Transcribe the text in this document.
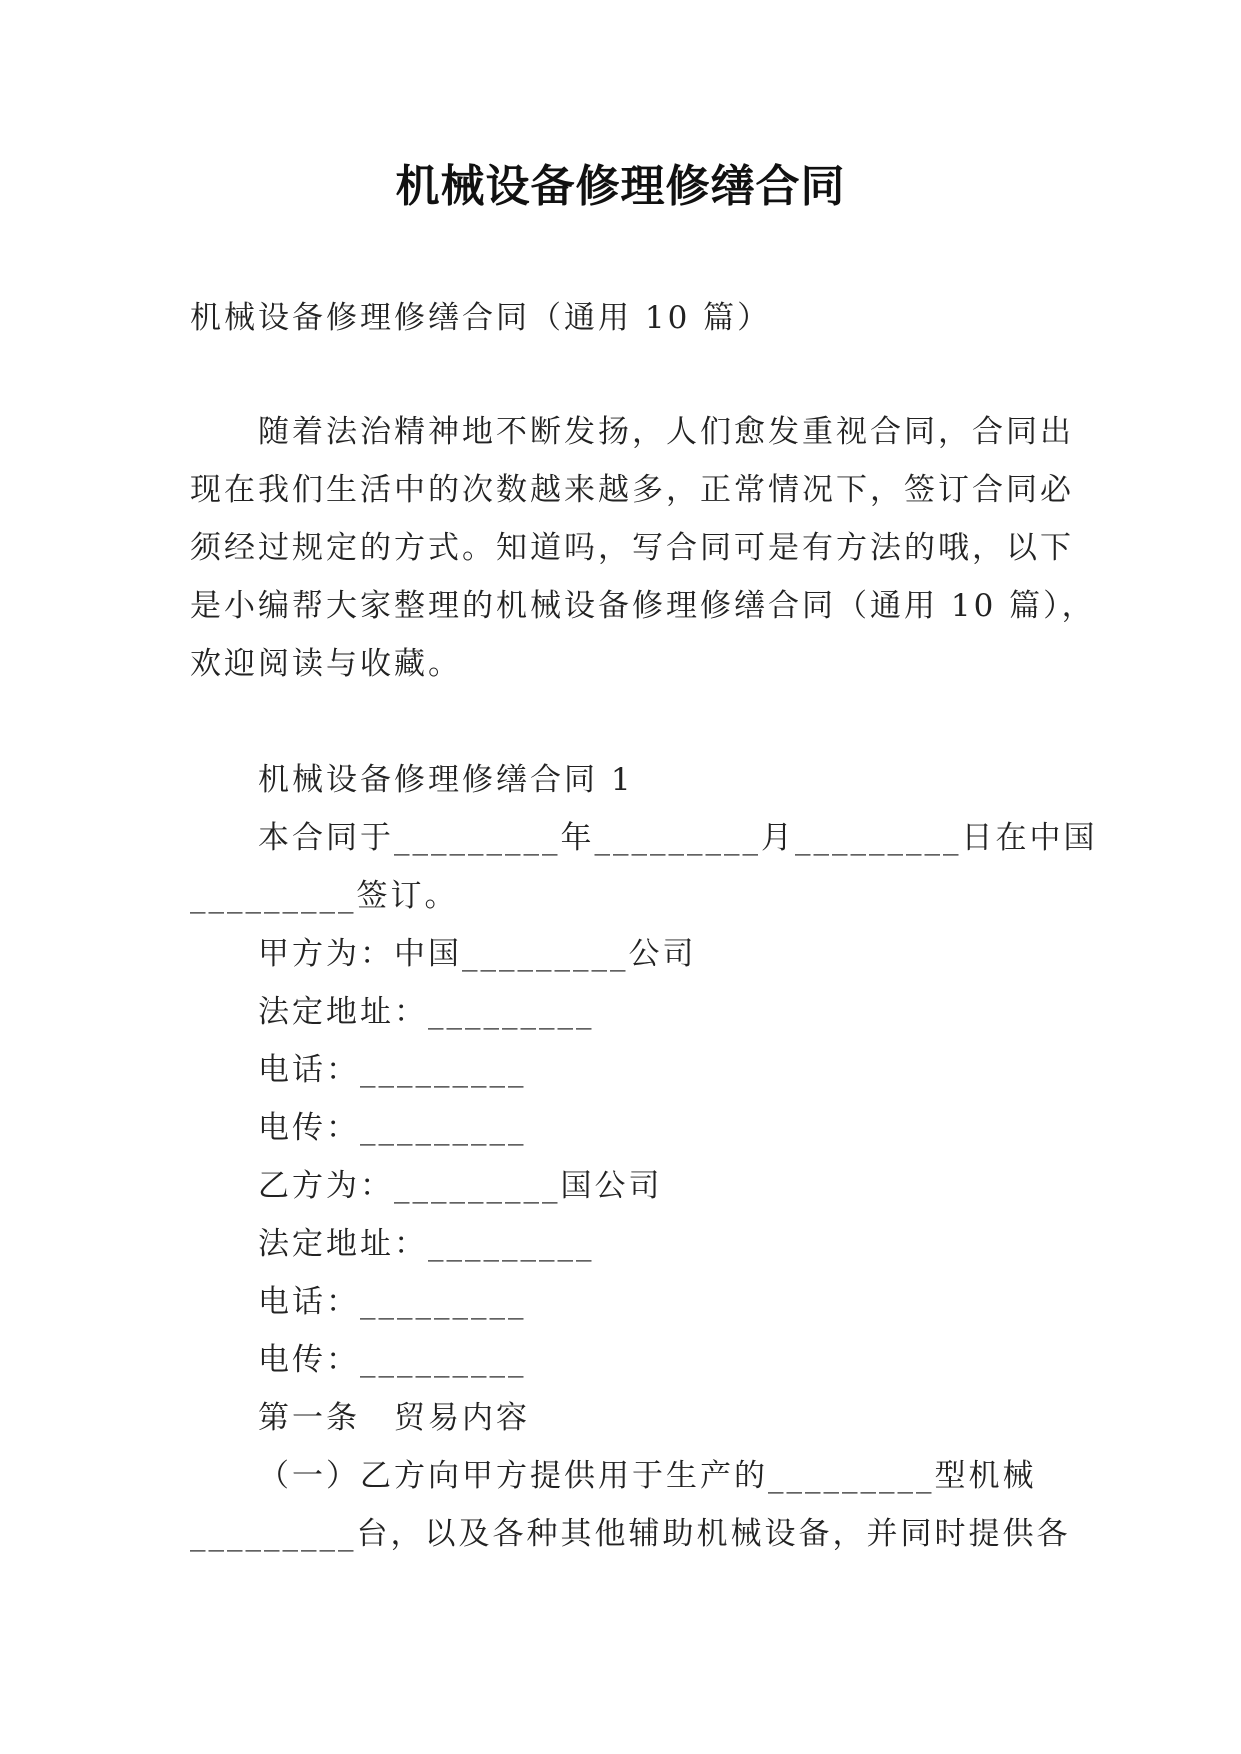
机械设备修理修缮合同
机械设备修理修缮合同（通用 10 篇）
随着法治精神地不断发扬，人们愈发重视合同，合同出
现在我们生活中的次数越来越多，正常情况下，签订合同必
须经过规定的方式。知道吗，写合同可是有方法的哦，以下
是小编帮大家整理的机械设备修理修缮合同（通用 10 篇），
欢迎阅读与收藏。
机械设备修理修缮合同 1
本合同于_________年_________月_________日在中国
_________签订。
甲方为：中国_________公司
法定地址：_________
电话：_________
电传：_________
乙方为：_________国公司
法定地址：_________
电话：_________
电传：_________
第一条　贸易内容
（一）乙方向甲方提供用于生产的_________型机械
_________台，以及各种其他辅助机械设备，并同时提供各
